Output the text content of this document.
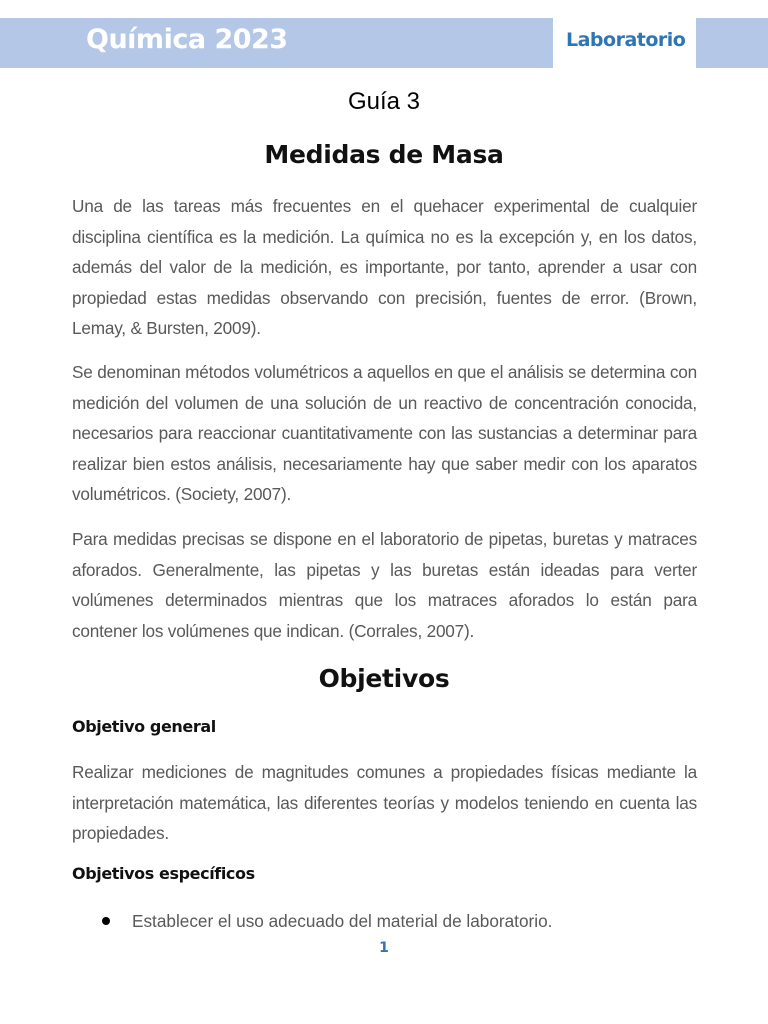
Química 2023	Laboratorio
Guía 3
Medidas de Masa

Una de las tareas más frecuentes en el quehacer experimental de cualquier disciplina científica es la medición. La química no es la excepción y, en los datos, además del valor de la medición, es importante, por tanto, aprender a usar con propiedad estas medidas observando con precisión, fuentes de error. (Brown, Lemay, & Bursten, 2009).

Se denominan métodos volumétricos a aquellos en que el análisis se determina con medición del volumen de una solución de un reactivo de concentración conocida, necesarios para reaccionar cuantitativamente con las sustancias a determinar para realizar bien estos análisis, necesariamente hay que saber medir con los aparatos volumétricos. (Society, 2007).

Para medidas precisas se dispone en el laboratorio de pipetas, buretas y matraces aforados. Generalmente, las pipetas y las buretas están ideadas para verter volúmenes determinados mientras que los matraces aforados lo están para contener los volúmenes que indican. (Corrales, 2007).

Objetivos
Objetivo general

Realizar mediciones de magnitudes comunes a propiedades físicas mediante la interpretación matemática, las diferentes teorías y modelos teniendo en cuenta las propiedades.

Objetivos específicos
Establecer el uso adecuado del material de laboratorio.
1
